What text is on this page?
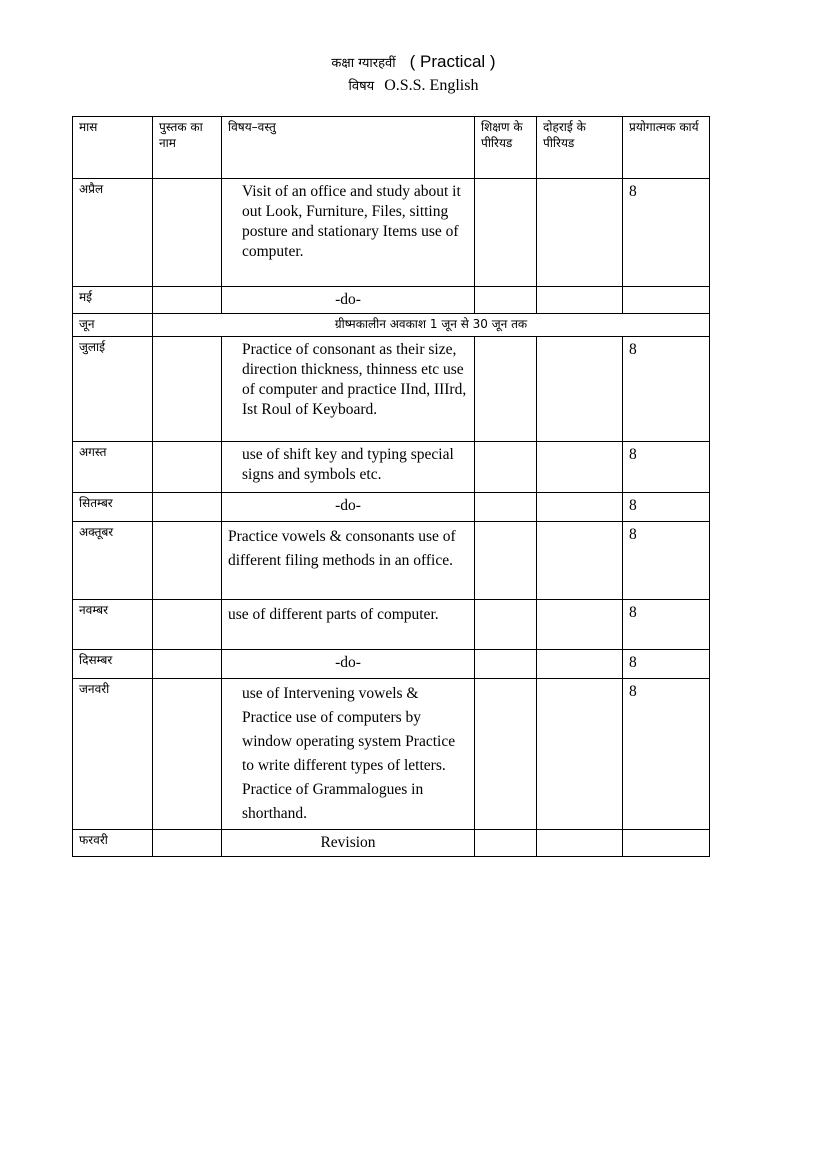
कक्षा ग्यारहवीं ( Practical )
विषय O.S.S. English
मास	पुस्तक का नाम	विषय–वस्तु	शिक्षण के पीरियड	दोहराई के पीरियड	प्रयोगात्मक कार्य
अप्रैल		Visit of an office and study about it out Look, Furniture, Files, sitting posture and stationary Items use of computer.			8
मई		-do-			
जून	ग्रीष्मकालीन अवकाश 1 जून से 30 जून तक				
जुलाई		Practice of consonant as their size, direction thickness, thinness etc use of computer and practice IInd, IIIrd, Ist Roul of Keyboard.			8
अगस्त		use of shift key and typing special signs and symbols etc.			8
सितम्बर		-do-			8
अक्तूबर		Practice vowels & consonants use of different filing methods in an office.			8
नवम्बर		use of different parts of computer.			8
दिसम्बर		-do-			8
जनवरी		use of Intervening vowels & Practice use of computers by window operating system Practice to write different types of letters. Practice of Grammalogues in shorthand.			8
फरवरी		Revision			
